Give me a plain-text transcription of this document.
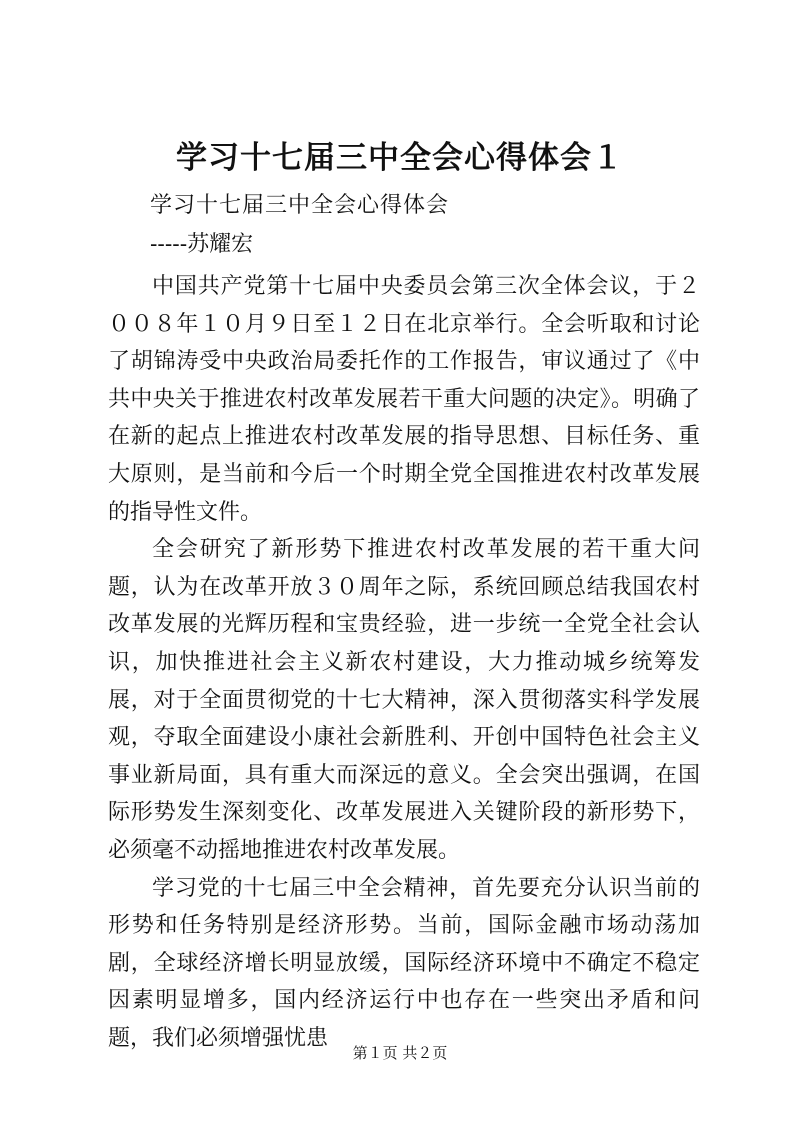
学习十七届三中全会心得体会１
学习十七届三中全会心得体会
-----苏耀宏

中国共产党第十七届中央委员会第三次全体会议，于２００８年１０月９日至１２日在北京举行。全会听取和讨论了胡锦涛受中央政治局委托作的工作报告，审议通过了《中共中央关于推进农村改革发展若干重大问题的决定》。明确了在新的起点上推进农村改革发展的指导思想、目标任务、重大原则，是当前和今后一个时期全党全国推进农村改革发展的指导性文件。

全会研究了新形势下推进农村改革发展的若干重大问题，认为在改革开放３０周年之际，系统回顾总结我国农村改革发展的光辉历程和宝贵经验，进一步统一全党全社会认识，加快推进社会主义新农村建设，大力推动城乡统筹发展，对于全面贯彻党的十七大精神，深入贯彻落实科学发展观，夺取全面建设小康社会新胜利、开创中国特色社会主义事业新局面，具有重大而深远的意义。全会突出强调，在国际形势发生深刻变化、改革发展进入关键阶段的新形势下，必须毫不动摇地推进农村改革发展。

学习党的十七届三中全会精神，首先要充分认识当前的形势和任务特别是经济形势。当前，国际金融市场动荡加剧，全球经济增长明显放缓，国际经济环境中不确定不稳定因素明显增多，国内经济运行中也存在一些突出矛盾和问题，我们必须增强忧患

第１页 共２页
